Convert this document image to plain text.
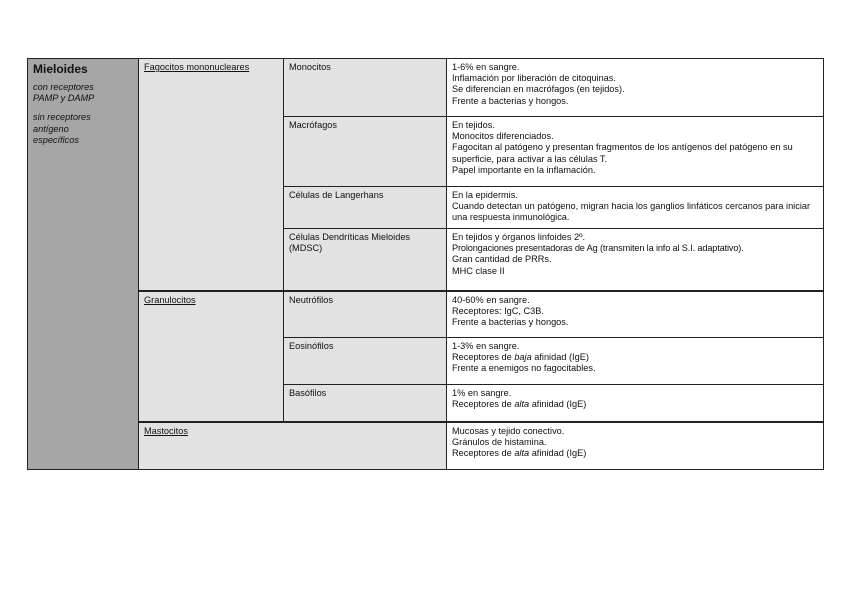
Mieloides
con receptores PAMP y DAMP
sin receptores antígeno específicos	Fagocitos mononucleares	Monocitos	1-6% en sangre.
Inflamación por liberación de citoquinas.
Se diferencian en macrófagos (en tejidos).
Frente a bacterias y hongos.

		Macrófagos	En tejidos.
Monocitos diferenciados.
Fagocitan al patógeno y presentan fragmentos de los antígenos del patógeno en su superficie, para activar a las células T.
Papel importante en la inflamación.

		Células de Langerhans	En la epidermis.
Cuando detectan un patógeno, migran hacia los ganglios linfáticos cercanos para iniciar una respuesta inmunológica.

		Células Dendríticas Mieloides (MDSC)	En tejidos y órganos linfoides 2º.
Prolongaciones presentadoras de Ag (transmiten la info al S.I. adaptativo).
Gran cantidad de PRRs.
MHC clase II

	Granulocitos	Neutrófilos	40-60% en sangre.
Receptores: IgC, C3B.
Frente a bacterias y hongos.

		Eosinófilos	1-3% en sangre.
Receptores de baja afinidad (IgE)
Frente a enemigos no fagocitables.

		Basófilos	1% en sangre.
Receptores de alta afinidad (IgE)

	Mastocitos		Mucosas y tejido conectivo.
Gránulos de histamina.
Receptores de alta afinidad (IgE)
